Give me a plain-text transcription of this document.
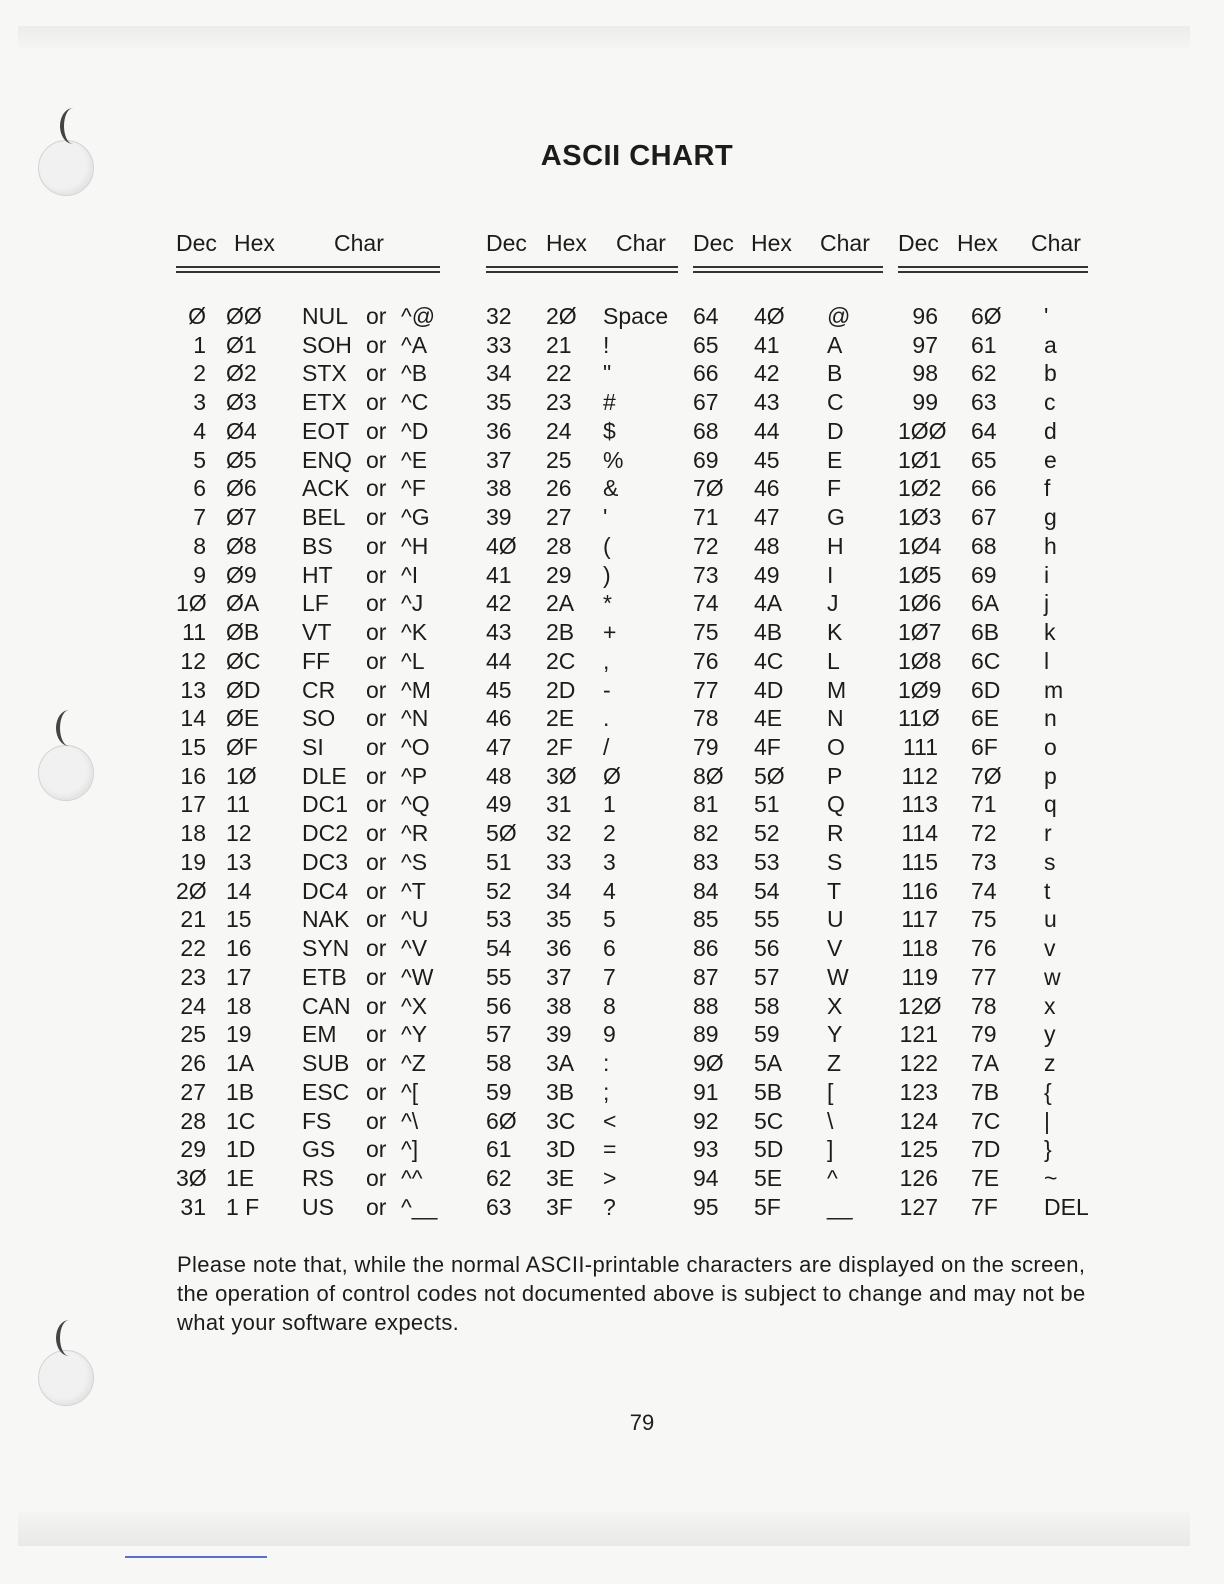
ASCII CHART
Dec Hex	Char
Ø ØØ NUL or ^@
1 Ø1 SOH or ^A
2 Ø2 STX or ^B
3 Ø3 ETX or ^C
4 Ø4 EOT or ^D
5 Ø5 ENQ or ^E
6 Ø6 ACK or ^F
7 Ø7 BEL or ^G
8 Ø8 BS or ^H
9 Ø9 HT or ^I
1Ø ØA LF or ^J
11 ØB VT or ^K
12 ØC FF or ^L
13 ØD CR or ^M
14 ØE SO or ^N
15 ØF SI or ^O
16 1Ø DLE or ^P
17 11 DC1 or ^Q
18 12 DC2 or ^R
19 13 DC3 or ^S
2Ø 14 DC4 or ^T
21 15 NAK or ^U
22 16 SYN or ^V
23 17 ETB or ^W
24 18 CAN or ^X
25 19 EM or ^Y
26 1A SUB or ^Z
27 1B ESC or ^[
28 1C FS or ^\
29 1D GS or ^]
3Ø 1E RS or ^^
31 1 F US or ^__
Dec Hex Char
32 2Ø Space
33 21 !
34 22 "
35 23 #
36 24 $
37 25 %
38 26 &
39 27 '
4Ø 28 (
41 29 )
42 2A *
43 2B +
44 2C ,
45 2D -
46 2E .
47 2F /
48 3Ø Ø
49 31 1
5Ø 32 2
51 33 3
52 34 4
53 35 5
54 36 6
55 37 7
56 38 8
57 39 9
58 3A :
59 3B ;
6Ø 3C <
61 3D =
62 3E >
63 3F ?
Dec Hex Char
64 4Ø @
65 41 A
66 42 B
67 43 C
68 44 D
69 45 E
7Ø 46 F
71 47 G
72 48 H
73 49 I
74 4A J
75 4B K
76 4C L
77 4D M
78 4E N
79 4F O
8Ø 5Ø P
81 51 Q
82 52 R
83 53 S
84 54 T
85 55 U
86 56 V
87 57 W
88 58 X
89 59 Y
9Ø 5A Z
91 5B [
92 5C \
93 5D ]
94 5E ^
95 5F __
Dec Hex Char
96 6Ø '
97 61 a
98 62 b
99 63 c
1ØØ 64 d
1Ø1 65 e
1Ø2 66 f
1Ø3 67 g
1Ø4 68 h
1Ø5 69 i
1Ø6 6A j
1Ø7 6B k
1Ø8 6C l
1Ø9 6D m
11Ø 6E n
111 6F o
112 7Ø p
113 71 q
114 72 r
115 73 s
116 74 t
117 75 u
118 76 v
119 77 w
12Ø 78 x
121 79 y
122 7A z
123 7B {
124 7C |
125 7D }
126 7E ~
127 7F DEL
Please note that, while the normal ASCII-printable characters are displayed on the screen, the operation of control codes not documented above is subject to change and may not be what your software expects.
79
